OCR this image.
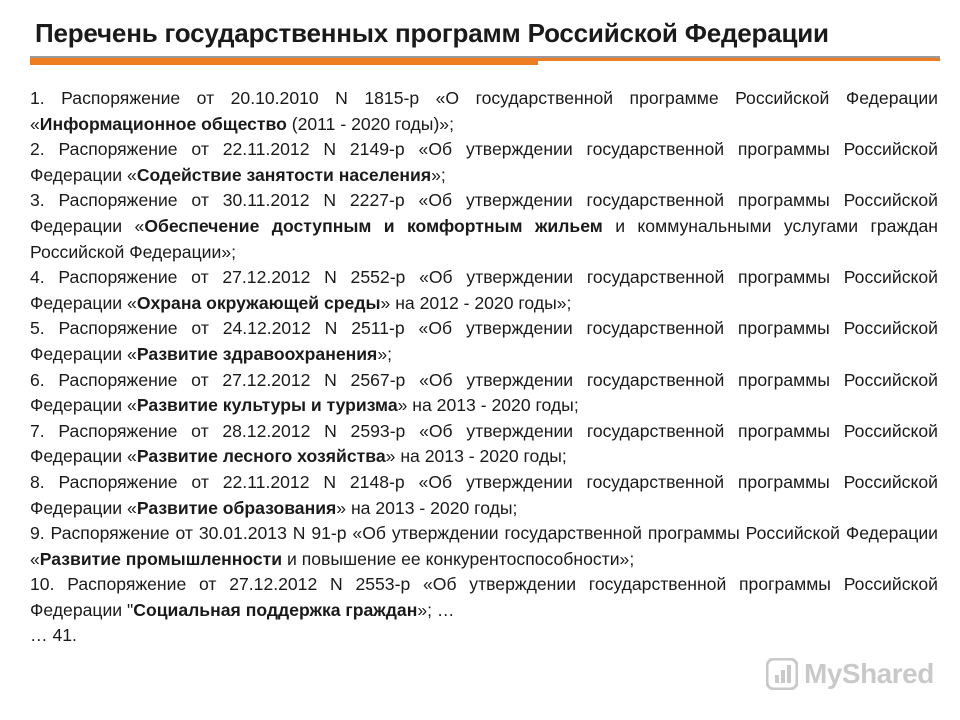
Перечень государственных программ Российской Федерации

1. Распоряжение от 20.10.2010 N 1815-р «О государственной программе Российской Федерации «Информационное общество (2011 - 2020 годы)»;

2. Распоряжение от 22.11.2012 N 2149-р «Об утверждении государственной программы Российской Федерации «Содействие занятости населения»;

3. Распоряжение от 30.11.2012 N 2227-р «Об утверждении государственной программы Российской Федерации «Обеспечение доступным и комфортным жильем и коммунальными услугами граждан Российской Федерации»;

4. Распоряжение от 27.12.2012 N 2552-р «Об утверждении государственной программы Российской Федерации «Охрана окружающей среды» на 2012 - 2020 годы»;

5. Распоряжение от 24.12.2012 N 2511-р «Об утверждении государственной программы Российской Федерации «Развитие здравоохранения»;

6. Распоряжение от 27.12.2012 N 2567-р «Об утверждении государственной программы Российской Федерации «Развитие культуры и туризма» на 2013 - 2020 годы;

7. Распоряжение от 28.12.2012 N 2593-р «Об утверждении государственной программы Российской Федерации «Развитие лесного хозяйства» на 2013 - 2020 годы;

8. Распоряжение от 22.11.2012 N 2148-р «Об утверждении государственной программы Российской Федерации «Развитие образования» на 2013 - 2020 годы;

9. Распоряжение от 30.01.2013 N 91-р «Об утверждении государственной программы Российской Федерации «Развитие промышленности и повышение ее конкурентоспособности»;

10. Распоряжение от 27.12.2012 N 2553-р «Об утверждении государственной программы Российской Федерации "Социальная поддержка граждан»; …

… 41.

MyShared
